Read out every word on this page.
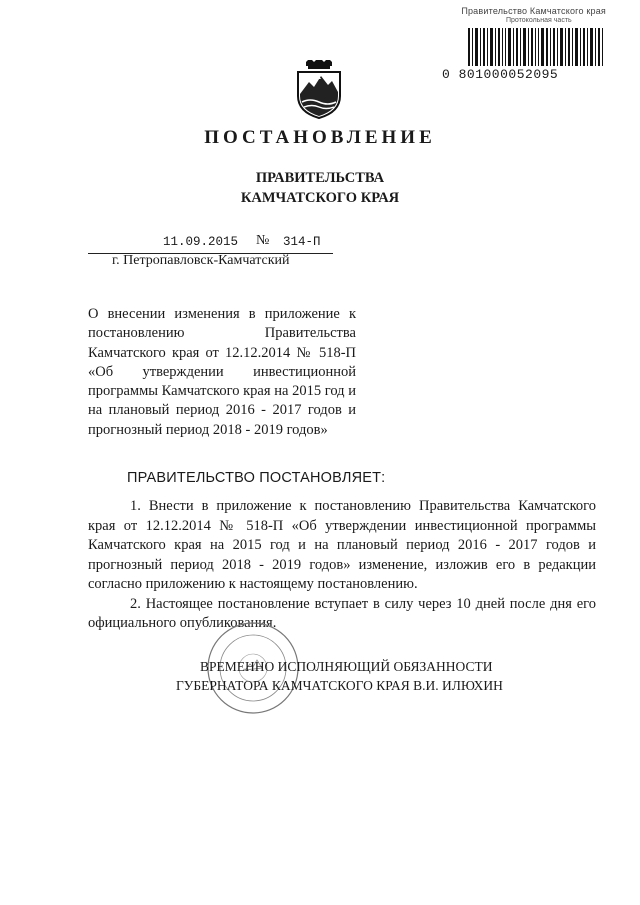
Правительство Камчатского края
Протокольная часть
0 801000052095
ПОСТАНОВЛЕНИЕ
ПРАВИТЕЛЬСТВА
КАМЧАТСКОГО КРАЯ
11.09.2015 № 314-П
г. Петропавловск-Камчатский
О внесении изменения в приложение к постановлению Правительства Камчатского края от 12.12.2014 № 518-П «Об утверждении инвестиционной программы Камчатского края на 2015 год и на плановый период 2016 - 2017 годов и прогнозный период 2018 - 2019 годов»
ПРАВИТЕЛЬСТВО ПОСТАНОВЛЯЕТ:

1. Внести в приложение к постановлению Правительства Камчатского края от 12.12.2014 № 518-П «Об утверждении инвестиционной программы Камчатского края на 2015 год и на плановый период 2016 - 2017 годов и прогнозный период 2018 - 2019 годов» изменение, изложив его в редакции согласно приложению к настоящему постановлению.

2. Настоящее постановление вступает в силу через 10 дней после дня его официального опубликования.

ВРЕМЕННО ИСПОЛНЯЮЩИЙ ОБЯЗАННОСТИ
ГУБЕРНАТОРА КАМЧАТСКОГО КРАЯ В.И. ИЛЮХИН
